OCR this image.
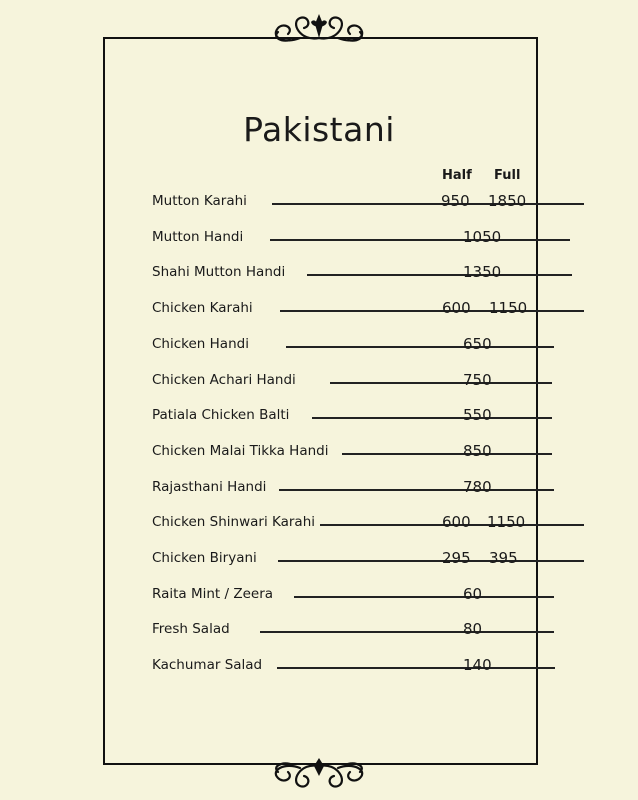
Pakistani
Half Full
Mutton Karahi	950 1850
Mutton Handi	1050
Shahi Mutton Handi	1350
Chicken Karahi	600 1150
Chicken Handi	650
Chicken Achari Handi	750
Patiala Chicken Balti	550
Chicken Malai Tikka Handi	850
Rajasthani Handi	780
Chicken Shinwari Karahi	600 1150
Chicken Biryani	295 395
Raita Mint / Zeera	60
Fresh Salad	80
Kachumar Salad	140
